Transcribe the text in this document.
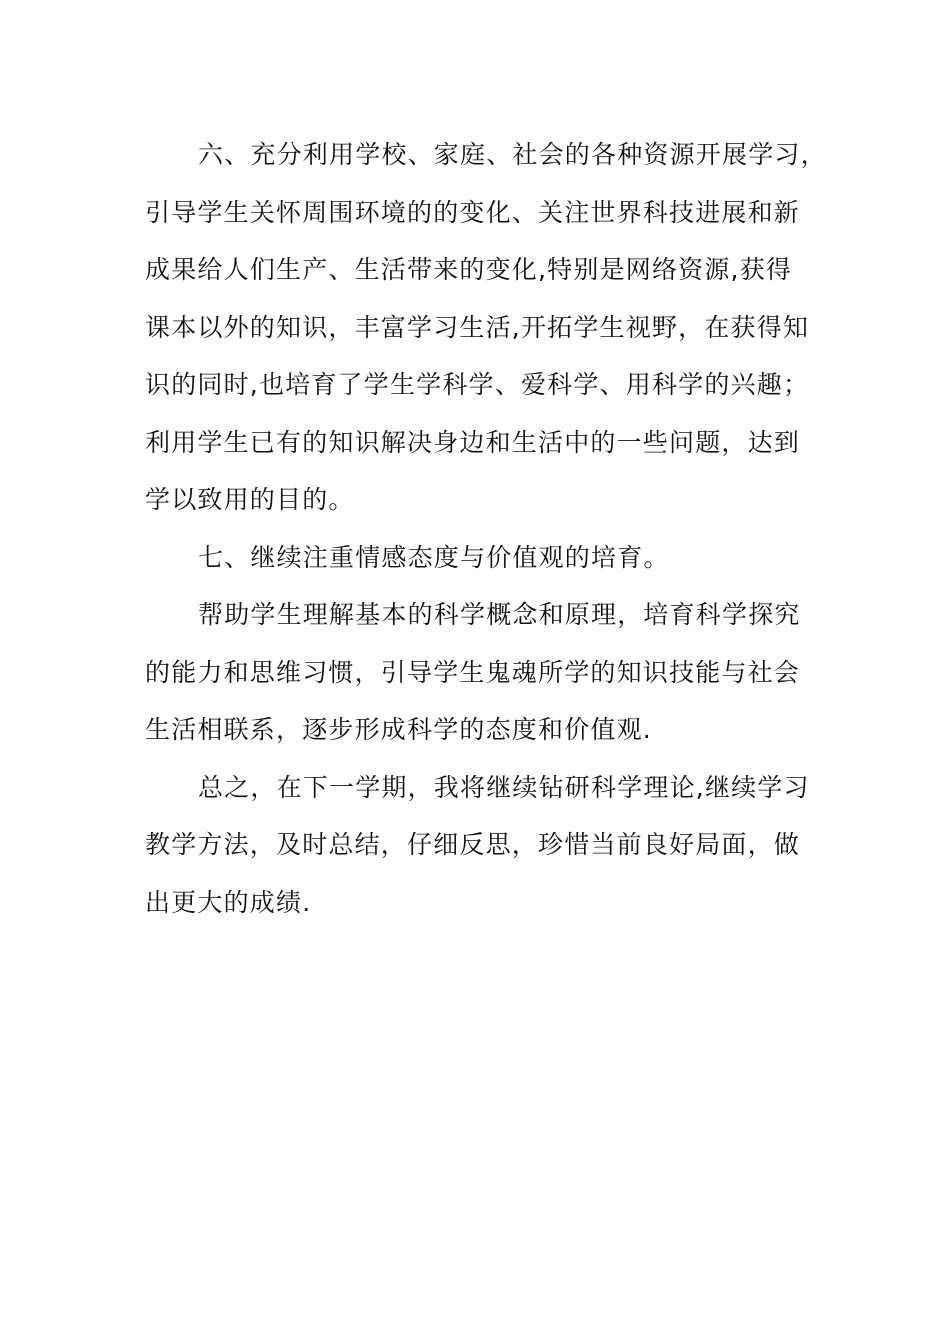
六、充分利用学校、家庭、社会的各种资源开展学习，
引导学生关怀周围环境的的变化、关注世界科技进展和新
成果给人们生产、生活带来的变化,特别是网络资源,获得
课本以外的知识，丰富学习生活,开拓学生视野，在获得知
识的同时,也培育了学生学科学、爱科学、用科学的兴趣；
利用学生已有的知识解决身边和生活中的一些问题，达到
学以致用的目的。
七、继续注重情感态度与价值观的培育。
帮助学生理解基本的科学概念和原理，培育科学探究
的能力和思维习惯，引导学生鬼魂所学的知识技能与社会
生活相联系，逐步形成科学的态度和价值观.
总之，在下一学期，我将继续钻研科学理论,继续学习
教学方法，及时总结，仔细反思，珍惜当前良好局面，做
出更大的成绩.
